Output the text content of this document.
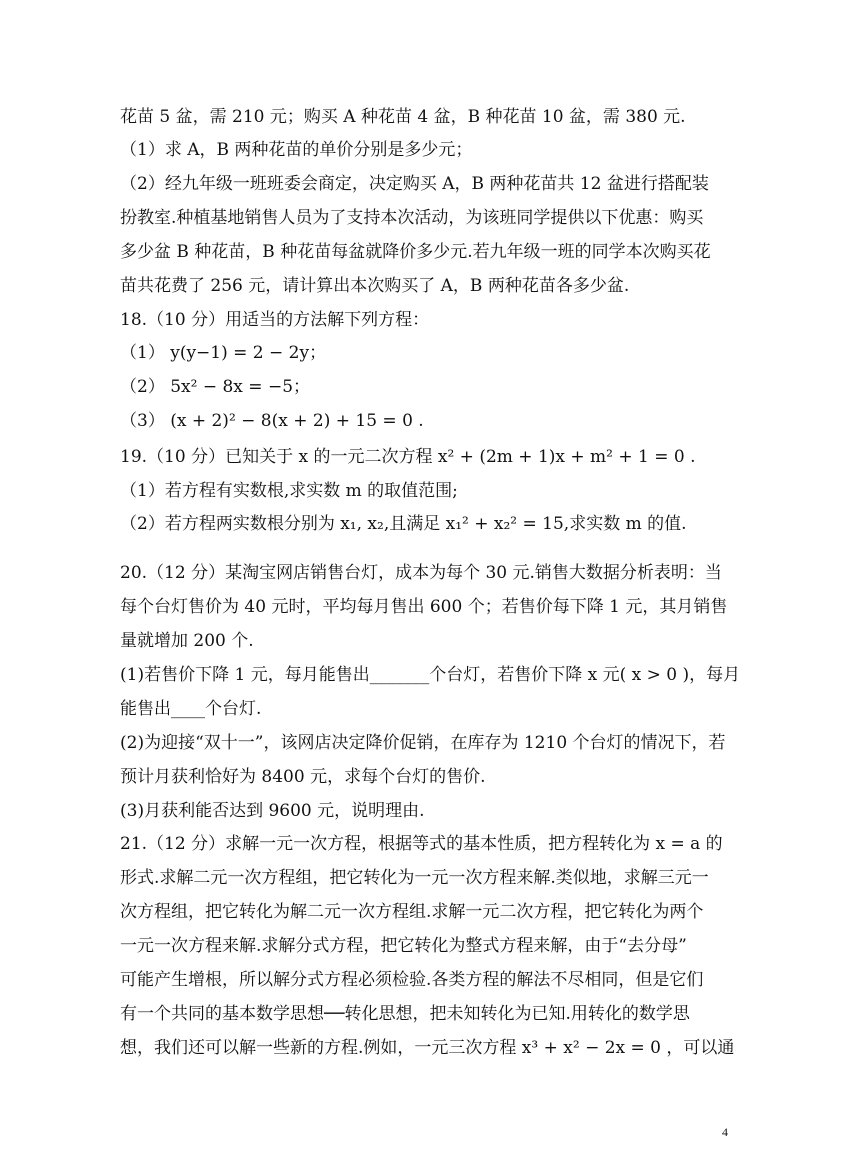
花苗 5 盆，需 210 元；购买 A 种花苗 4 盆，B 种花苗 10 盆，需 380 元.
（1）求 A，B 两种花苗的单价分别是多少元；
（2）经九年级一班班委会商定，决定购买 A，B 两种花苗共 12 盆进行搭配装
扮教室.种植基地销售人员为了支持本次活动，为该班同学提供以下优惠：购买
多少盆 B 种花苗，B 种花苗每盆就降价多少元.若九年级一班的同学本次购买花
苗共花费了 256 元，请计算出本次购买了 A，B 两种花苗各多少盆.
18.（10 分）用适当的方法解下列方程：
（1） y(y−1) = 2 − 2y；
（2） 5x² − 8x = −5；
（3） (x + 2)² − 8(x + 2) + 15 = 0 .
19.（10 分）已知关于 x 的一元二次方程 x² + (2m + 1)x + m² + 1 = 0 .
（1）若方程有实数根,求实数 m 的取值范围;
（2）若方程两实数根分别为 x₁, x₂,且满足 x₁² + x₂² = 15,求实数 m 的值.
20.（12 分）某淘宝网店销售台灯，成本为每个 30 元.销售大数据分析表明：当
每个台灯售价为 40 元时，平均每月售出 600 个；若售价每下降 1 元，其月销售
量就增加 200 个.
(1)若售价下降 1 元，每月能售出_______个台灯，若售价下降 x 元( x > 0 )，每月
能售出____个台灯.
(2)为迎接“双十一”，该网店决定降价促销，在库存为 1210 个台灯的情况下，若
预计月获利恰好为 8400 元，求每个台灯的售价.
(3)月获利能否达到 9600 元，说明理由.
21.（12 分）求解一元一次方程，根据等式的基本性质，把方程转化为 x = a 的
形式.求解二元一次方程组，把它转化为一元一次方程来解.类似地，求解三元一
次方程组，把它转化为解二元一次方程组.求解一元二次方程，把它转化为两个
一元一次方程来解.求解分式方程，把它转化为整式方程来解，由于“去分母”
可能产生增根，所以解分式方程必须检验.各类方程的解法不尽相同，但是它们
有一个共同的基本数学思想──转化思想，把未知转化为已知.用转化的数学思
想，我们还可以解一些新的方程.例如，一元三次方程 x³ + x² − 2x = 0 ，可以通
4
